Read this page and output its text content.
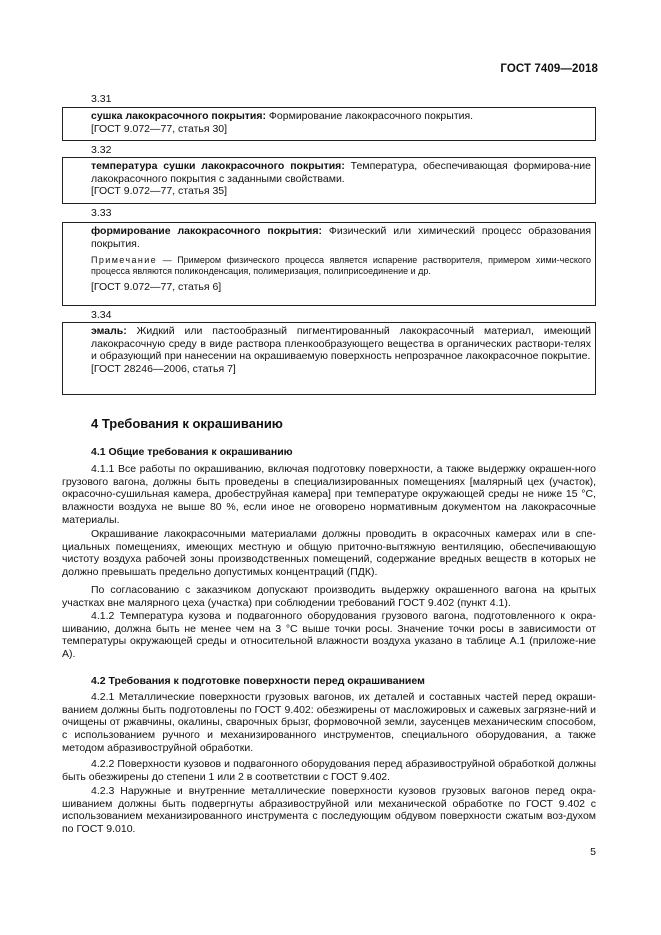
ГОСТ 7409—2018
3.31
сушка лакокрасочного покрытия: Формирование лакокрасочного покрытия.
[ГОСТ 9.072—77, статья 30]
3.32
температура сушки лакокрасочного покрытия: Температура, обеспечивающая формирова-ние лакокрасочного покрытия с заданными свойствами.
[ГОСТ 9.072—77, статья 35]
3.33
формирование лакокрасочного покрытия: Физический или химический процесс образования покрытия.
Примечание — Примером физического процесса является испарение растворителя, примером хими-ческого процесса являются поликонденсация, полимеризация, полиприсоединение и др.
[ГОСТ 9.072—77, статья 6]
3.34
эмаль: Жидкий или пастообразный пигментированный лакокрасочный материал, имеющий лакокрасочную среду в виде раствора пленкообразующего вещества в органических раствори-телях и образующий при нанесении на окрашиваемую поверхность непрозрачное лакокрасочное покрытие.
[ГОСТ 28246—2006, статья 7]
4 Требования к окрашиванию
4.1 Общие требования к окрашиванию
4.1.1 Все работы по окрашиванию, включая подготовку поверхности, а также выдержку окрашен-ного грузового вагона, должны быть проведены в специализированных помещениях [малярный цех (участок), окрасочно-сушильная камера, дробеструйная камера] при температуре окружающей среды не ниже 15 °С, влажности воздуха не выше 80 %, если иное не оговорено нормативным документом на лакокрасочные материалы.
Окрашивание лакокрасочными материалами должны проводить в окрасочных камерах или в спе-циальных помещениях, имеющих местную и общую приточно-вытяжную вентиляцию, обеспечивающую чистоту воздуха рабочей зоны производственных помещений, содержание вредных веществ в которых не должно превышать предельно допустимых концентраций (ПДК).
По согласованию с заказчиком допускают производить выдержку окрашенного вагона на крытых участках вне малярного цеха (участка) при соблюдении требований ГОСТ 9.402 (пункт 4.1).
4.1.2 Температура кузова и подвагонного оборудования грузового вагона, подготовленного к окра-шиванию, должна быть не менее чем на 3 °С выше точки росы. Значение точки росы в зависимости от температуры окружающей среды и относительной влажности воздуха указано в таблице А.1 (приложе-ние А).
4.2 Требования к подготовке поверхности перед окрашиванием
4.2.1 Металлические поверхности грузовых вагонов, их деталей и составных частей перед окраши-ванием должны быть подготовлены по ГОСТ 9.402: обезжирены от масложировых и сажевых загрязне-ний и очищены от ржавчины, окалины, сварочных брызг, формовочной земли, заусенцев механическим способом, с использованием ручного и механизированного инструментов, специального оборудования, а также методом абразивоструйной обработки.
4.2.2 Поверхности кузовов и подвагонного оборудования перед абразивоструйной обработкой должны быть обезжирены до степени 1 или 2 в соответствии с ГОСТ 9.402.
4.2.3 Наружные и внутренние металлические поверхности кузовов грузовых вагонов перед окра-шиванием должны быть подвергнуты абразивоструйной или механической обработке по ГОСТ 9.402 с использованием механизированного инструмента с последующим обдувом поверхности сжатым воз-духом по ГОСТ 9.010.
5
